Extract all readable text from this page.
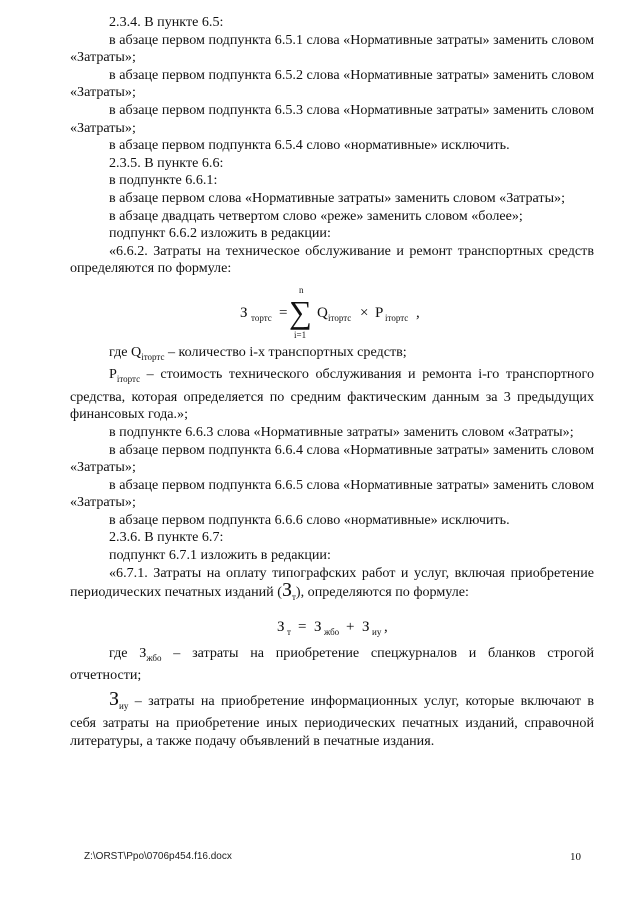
2.3.4. В пункте 6.5:

в абзаце первом подпункта 6.5.1 слова «Нормативные затраты» заменить словом «Затраты»;

в абзаце первом подпункта 6.5.2 слова «Нормативные затраты» заменить словом «Затраты»;

в абзаце первом подпункта 6.5.3 слова «Нормативные затраты» заменить словом «Затраты»;

в абзаце первом подпункта 6.5.4 слово «нормативные» исключить.

2.3.5. В пункте 6.6:

в подпункте 6.6.1:

в абзаце первом слова «Нормативные затраты» заменить словом «Затраты»;

в абзаце двадцать четвертом слово «реже» заменить словом «более»;

подпункт 6.6.2 изложить в редакции:

«6.6.2. Затраты на техническое обслуживание и ремонт транспортных средств определяются по формуле:

З тортс =
n
∑
i=1
Q iтортс × P iтортс ,

где $Q_{iтортс}$ – количество i-х транспортных средств;

$P_{iтортс}$ – стоимость технического обслуживания и ремонта i-го транспортного средства, которая определяется по средним фактическим данным за 3 предыдущих финансовых года.»;

в подпункте 6.6.3 слова «Нормативные затраты» заменить словом «Затраты»;

в абзаце первом подпункта 6.6.4 слова «Нормативные затраты» заменить словом «Затраты»;

в абзаце первом подпункта 6.6.5 слова «Нормативные затраты» заменить словом «Затраты»;

в абзаце первом подпункта 6.6.6 слово «нормативные» исключить.

2.3.6. В пункте 6.7:

подпункт 6.7.1 изложить в редакции:

«6.7.1. Затраты на оплату типографских работ и услуг, включая приобретение периодических печатных изданий $(З_т)$, определяются по формуле:

З т = З жбо + З иу ,

где $З_{жбо}$ – затраты на приобретение спецжурналов и бланков строгой отчетности;

$З_{иу}$ – затраты на приобретение информационных услуг, которые включают в себя затраты на приобретение иных периодических печатных изданий, справочной литературы, а также подачу объявлений в печатные издания.

Z:\ORST\Ppo\0706p454.f16.docx	10
